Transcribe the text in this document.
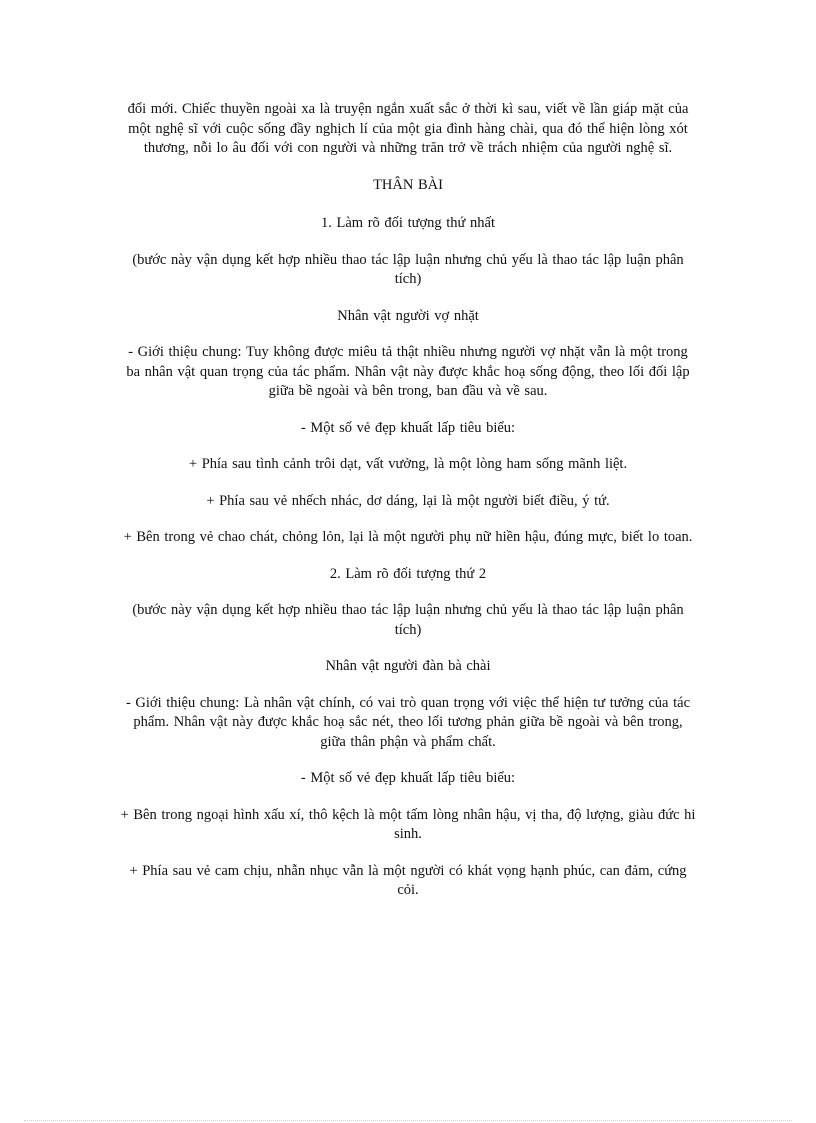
đổi mới. Chiếc thuyền ngoài xa là truyện ngắn xuất sắc ở thời kì sau, viết về lần giáp mặt của một nghệ sĩ với cuộc sống đầy nghịch lí của một gia đình hàng chài, qua đó thể hiện lòng xót thương, nỗi lo âu đối với con người và những trăn trở về trách nhiệm của người nghệ sĩ.

THÂN BÀI

1. Làm rõ đối tượng thứ nhất

(bước này vận dụng kết hợp nhiều thao tác lập luận nhưng chủ yếu là thao tác lập luận phân tích)

Nhân vật người vợ nhặt

- Giới thiệu chung: Tuy không được miêu tả thật nhiều nhưng người vợ nhặt vẫn là một trong ba nhân vật quan trọng của tác phẩm. Nhân vật này được khắc hoạ sống động, theo lối đối lập giữa bề ngoài và bên trong, ban đầu và về sau.

- Một số vẻ đẹp khuất lấp tiêu biểu:

+ Phía sau tình cảnh trôi dạt, vất vưởng, là một lòng ham sống mãnh liệt.

+ Phía sau vẻ nhếch nhác, dơ dáng, lại là một người biết điều, ý tứ.

+ Bên trong vẻ chao chát, chỏng lỏn, lại là một người phụ nữ hiền hậu, đúng mực, biết lo toan.

2. Làm rõ đối tượng thứ 2

(bước này vận dụng kết hợp nhiều thao tác lập luận nhưng chủ yếu là thao tác lập luận phân tích)

Nhân vật người đàn bà chài

- Giới thiệu chung: Là nhân vật chính, có vai trò quan trọng với việc thể hiện tư tưởng của tác phẩm. Nhân vật này được khắc hoạ sắc nét, theo lối tương phản giữa bề ngoài và bên trong, giữa thân phận và phẩm chất.

- Một số vẻ đẹp khuất lấp tiêu biểu:

+ Bên trong ngoại hình xấu xí, thô kệch là một tấm lòng nhân hậu, vị tha, độ lượng, giàu đức hi sinh.

+ Phía sau vẻ cam chịu, nhẫn nhục vẫn là một người có khát vọng hạnh phúc, can đảm, cứng cỏi.
